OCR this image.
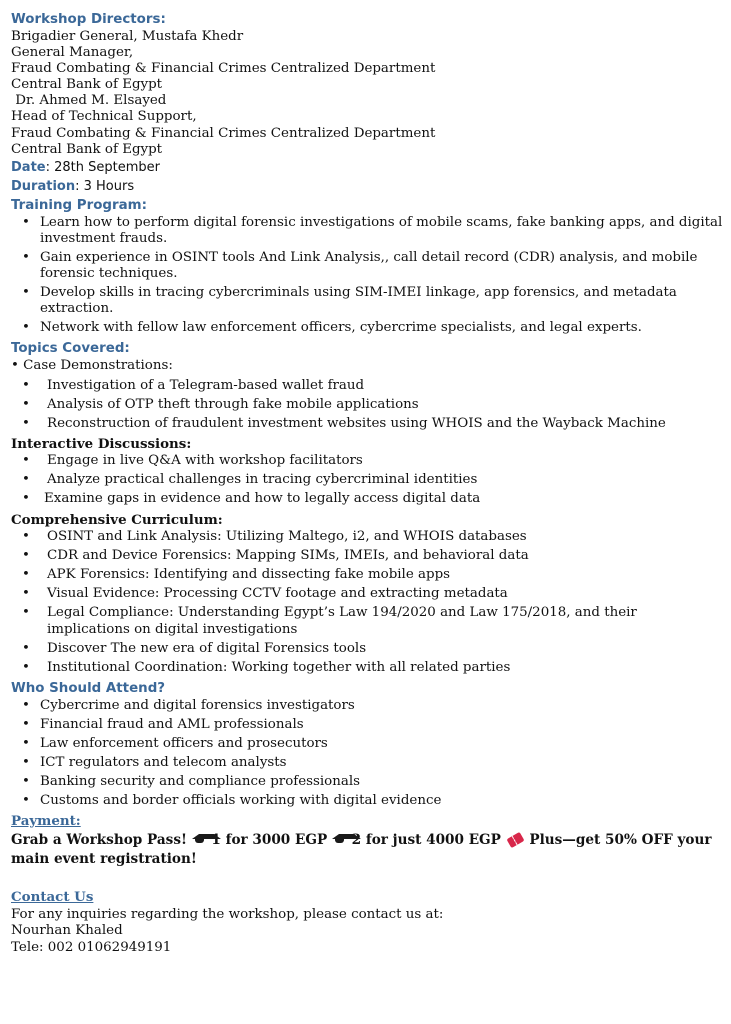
Workshop Directors:
Brigadier General, Mustafa Khedr
General Manager,
Fraud Combating & Financial Crimes Centralized Department
Central Bank of Egypt
Dr. Ahmed M. Elsayed
Head of Technical Support,
Fraud Combating & Financial Crimes Centralized Department
Central Bank of Egypt
Date: 28th September
Duration: 3 Hours
Training Program:
• Learn how to perform digital forensic investigations of mobile scams, fake banking apps, and digital investment frauds.
• Gain experience in OSINT tools And Link Analysis,, call detail record (CDR) analysis, and mobile forensic techniques.
• Develop skills in tracing cybercriminals using SIM-IMEI linkage, app forensics, and metadata extraction.
• Network with fellow law enforcement officers, cybercrime specialists, and legal experts.
Topics Covered:
• Case Demonstrations:
• Investigation of a Telegram-based wallet fraud
• Analysis of OTP theft through fake mobile applications
• Reconstruction of fraudulent investment websites using WHOIS and the Wayback Machine
Interactive Discussions:
• Engage in live Q&A with workshop facilitators
• Analyze practical challenges in tracing cybercriminal identities
• Examine gaps in evidence and how to legally access digital data
Comprehensive Curriculum:
• OSINT and Link Analysis: Utilizing Maltego, i2, and WHOIS databases
• CDR and Device Forensics: Mapping SIMs, IMEIs, and behavioral data
• APK Forensics: Identifying and dissecting fake mobile apps
• Visual Evidence: Processing CCTV footage and extracting metadata
• Legal Compliance: Understanding Egypt’s Law 194/2020 and Law 175/2018, and their implications on digital investigations
• Discover The new era of digital Forensics tools
• Institutional Coordination: Working together with all related parties
Who Should Attend?
• Cybercrime and digital forensics investigators
• Financial fraud and AML professionals
• Law enforcement officers and prosecutors
• ICT regulators and telecom analysts
• Banking security and compliance professionals
• Customs and border officials working with digital evidence
Payment:
Grab a Workshop Pass!  1 for 3000 EGP  2 for just 4000 EGP  Plus—get 50% OFF your main event registration!
Contact Us
For any inquiries regarding the workshop, please contact us at:
Nourhan Khaled
Tele: 002 01062949191
